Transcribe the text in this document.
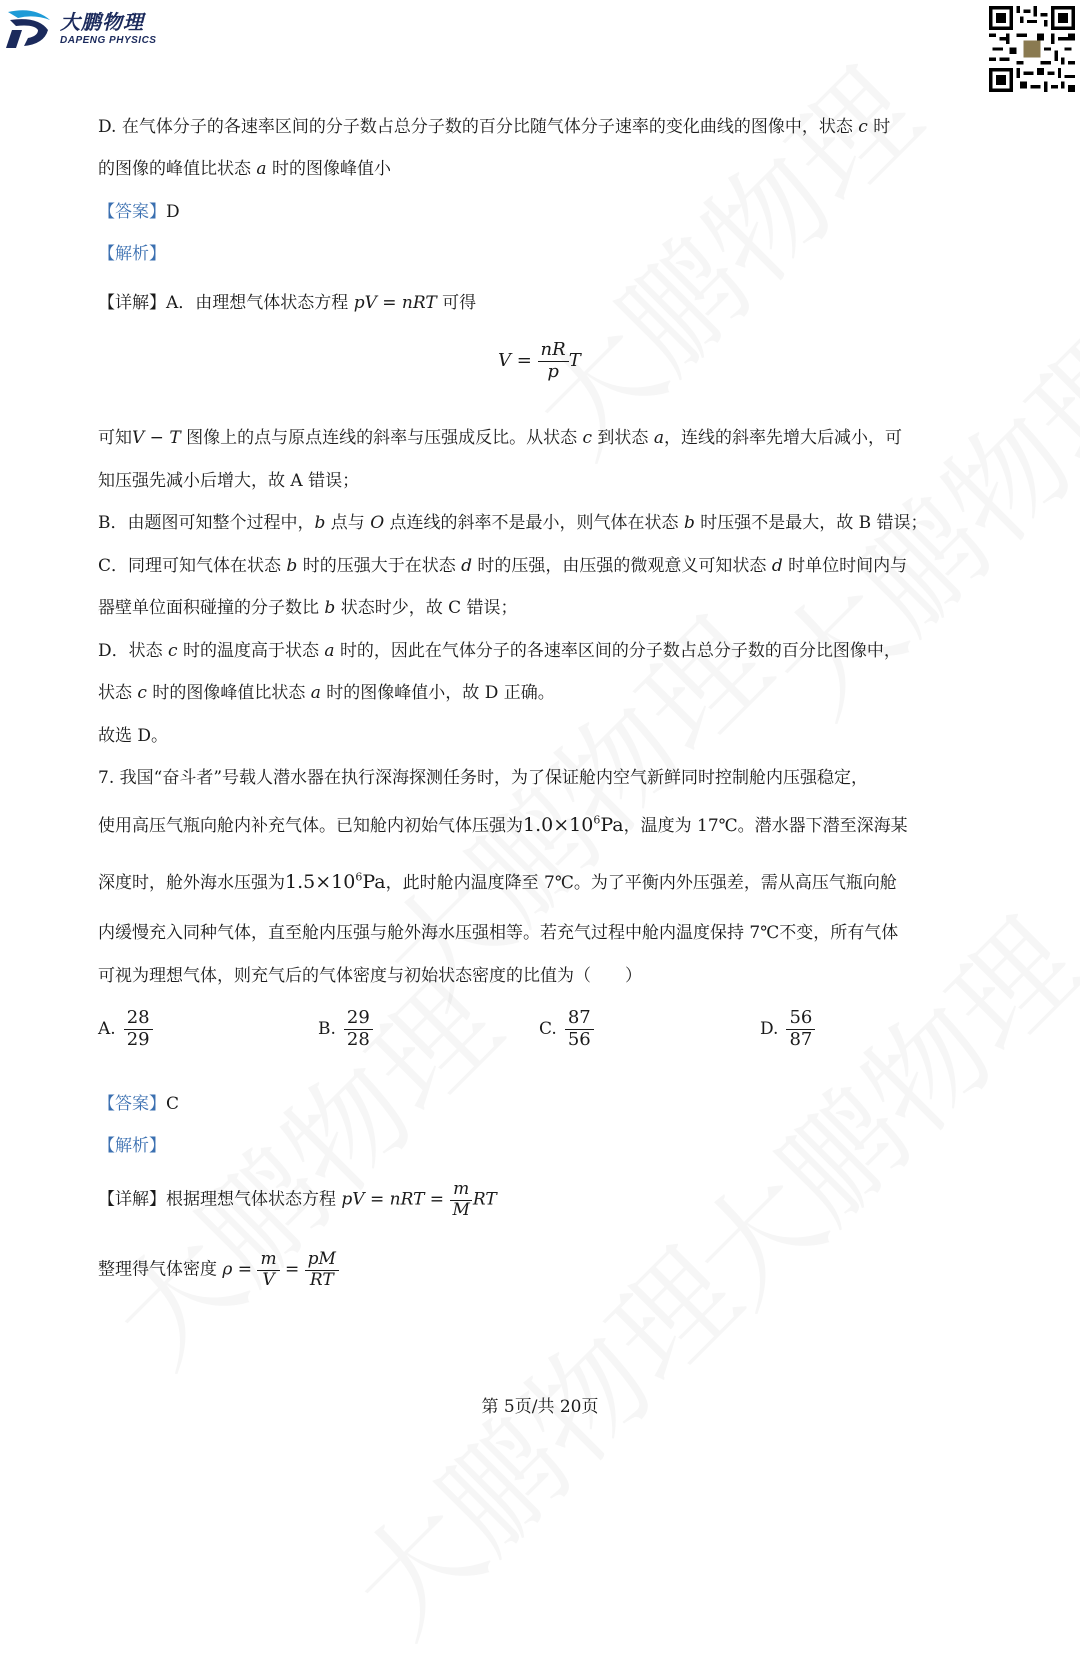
大鹏物理
DAPENG PHYSICS
D. 在气体分子的各速率区间的分子数占总分子数的百分比随气体分子速率的变化曲线的图像中，状态 c 时
的图像的峰值比状态 a 时的图像峰值小
【答案】D
【解析】
【详解】A．由理想气体状态方程 pV = nRT 可得
$V = \frac{nR}{p}$ T
可知V − T 图像上的点与原点连线的斜率与压强成反比。从状态 c 到状态 a，连线的斜率先增大后减小，可
知压强先减小后增大，故 A 错误；
B．由题图可知整个过程中，b 点与 O 点连线的斜率不是最小，则气体在状态 b 时压强不是最大，故 B 错误；
C．同理可知气体在状态 b 时的压强大于在状态 d 时的压强，由压强的微观意义可知状态 d 时单位时间内与
器壁单位面积碰撞的分子数比 b 状态时少，故 C 错误；
D．状态 c 时的温度高于状态 a 时的，因此在气体分子的各速率区间的分子数占总分子数的百分比图像中，
状态 c 时的图像峰值比状态 a 时的图像峰值小，故 D 正确。
故选 D。
7. 我国“奋斗者”号载人潜水器在执行深海探测任务时，为了保证舱内空气新鲜同时控制舱内压强稳定，
使用高压气瓶向舱内补充气体。已知舱内初始气体压强为$1.0\times 10^6Pa$，温度为 17℃。潜水器下潜至深海某
深度时，舱外海水压强为$1.5\times 10^6Pa$，此时舱内温度降至 7℃。为了平衡内外压强差，需从高压气瓶向舱
内缓慢充入同种气体，直至舱内压强与舱外海水压强相等。若充气过程中舱内温度保持 7℃不变，所有气体
可视为理想气体，则充气后的气体密度与初始状态密度的比值为（　　）
A. $\frac{28}{29}$	B. $\frac{29}{28}$	C. $\frac{87}{56}$	D. $\frac{56}{87}$
【答案】C
【解析】
【详解】根据理想气体状态方程 pV = nRT = $\frac{m}{M}$ RT
整理得气体密度 $\rho = \frac{m}{V} = \frac{pM}{RT}$
第 5页/共 20页
